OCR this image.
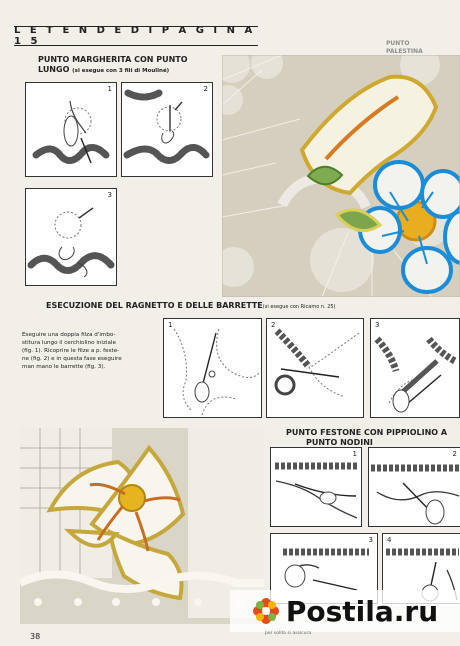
L E T E N D E D I P A G I N A 1 5	PUNTO
PALESTINA

PUNTO MARGHERITA CON PUNTO
LUNGO (si esegue con 3 fili di Mouliné)
1	2
3
ESECUZIONE DEL RAGNETTO E DELLE BARRETTE(si esegue con Ricamo n. 25)

Eseguire una doppia filza d'imbo-
stitura lungo il cerchiolino iniziale
(fig. 1). Ricoprire le filze a p. feste-
ne (fig. 2) e in questa fase eseguire
man mano le barrette (fig. 3).

1	2	3
PUNTO FESTONE CON PIPPIOLINO A
PUNTO NODINI
1	2
3 4
Postila.ru
38	per solito si assicura
